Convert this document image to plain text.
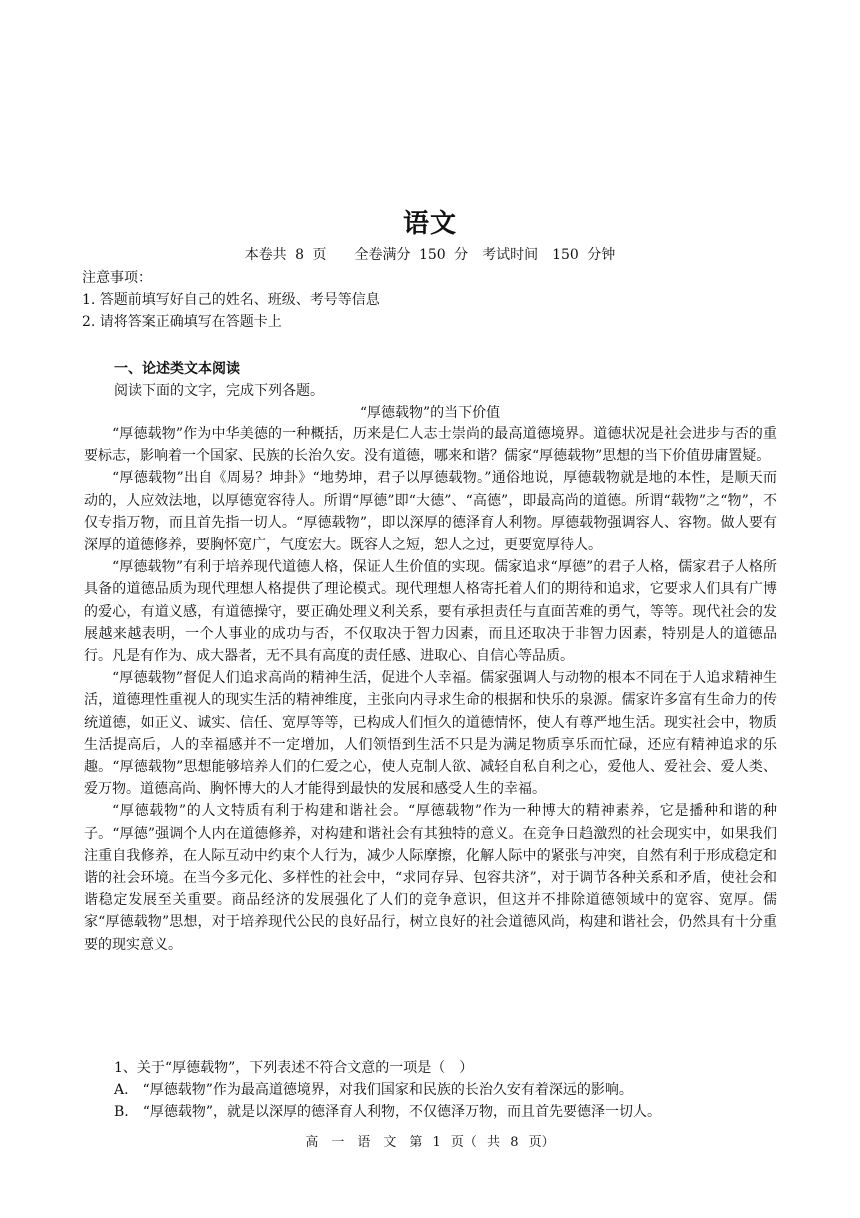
语文
本卷共 8 页　　全卷满分 150 分　考试时间　150 分钟
注意事项：
1. 答题前填写好自己的姓名、班级、考号等信息
2. 请将答案正确填写在答题卡上
一、论述类文本阅读
阅读下面的文字，完成下列各题。
“厚德载物”的当下价值

“厚德载物”作为中华美德的一种概括，历来是仁人志士崇尚的最高道德境界。道德状况是社会进步与否的重要标志，影响着一个国家、民族的长治久安。没有道德，哪来和谐？儒家“厚德载物”思想的当下价值毋庸置疑。

“厚德载物”出自《周易？坤卦》“地势坤，君子以厚德载物。”通俗地说，厚德载物就是地的本性，是顺天而动的，人应效法地，以厚德宽容待人。所谓“厚德”即“大德”、“高德”，即最高尚的道德。所谓“载物”之“物”，不仅专指万物，而且首先指一切人。“厚德载物”，即以深厚的德泽育人利物。厚德载物强调容人、容物。做人要有深厚的道德修养，要胸怀宽广，气度宏大。既容人之短，恕人之过，更要宽厚待人。

“厚德载物”有利于培养现代道德人格，保证人生价值的实现。儒家追求“厚德”的君子人格，儒家君子人格所具备的道德品质为现代理想人格提供了理论模式。现代理想人格寄托着人们的期待和追求，它要求人们具有广博的爱心，有道义感，有道德操守，要正确处理义利关系，要有承担责任与直面苦难的勇气，等等。现代社会的发展越来越表明，一个人事业的成功与否，不仅取决于智力因素，而且还取决于非智力因素，特别是人的道德品行。凡是有作为、成大器者，无不具有高度的责任感、进取心、自信心等品质。

“厚德载物”督促人们追求高尚的精神生活，促进个人幸福。儒家强调人与动物的根本不同在于人追求精神生活，道德理性重视人的现实生活的精神维度，主张向内寻求生命的根据和快乐的泉源。儒家许多富有生命力的传统道德，如正义、诚实、信任、宽厚等等，已构成人们恒久的道德情怀，使人有尊严地生活。现实社会中，物质生活提高后，人的幸福感并不一定增加，人们领悟到生活不只是为满足物质享乐而忙碌，还应有精神追求的乐趣。“厚德载物”思想能够培养人们的仁爱之心，使人克制人欲、减轻自私自利之心，爱他人、爱社会、爱人类、爱万物。道德高尚、胸怀博大的人才能得到最快的发展和感受人生的幸福。

“厚德载物”的人文特质有利于构建和谐社会。“厚德载物”作为一种博大的精神素养，它是播种和谐的种子。“厚德”强调个人内在道德修养，对构建和谐社会有其独特的意义。在竞争日趋激烈的社会现实中，如果我们注重自我修养，在人际互动中约束个人行为，减少人际摩擦，化解人际中的紧张与冲突，自然有利于形成稳定和谐的社会环境。在当今多元化、多样性的社会中，“求同存异、包容共济”，对于调节各种关系和矛盾，使社会和谐稳定发展至关重要。商品经济的发展强化了人们的竞争意识，但这并不排除道德领域中的宽容、宽厚。儒家“厚德载物”思想，对于培养现代公民的良好品行，树立良好的社会道德风尚，构建和谐社会，仍然具有十分重要的现实意义。

1、关于“厚德载物”，下列表述不符合文意的一项是（　）
A.　“厚德载物”作为最高道德境界，对我们国家和民族的长治久安有着深远的影响。
B.　“厚德载物”，就是以深厚的德泽育人利物，不仅德泽万物，而且首先要德泽一切人。
高　一　语　文　第 1 页（ 共 8 页）
